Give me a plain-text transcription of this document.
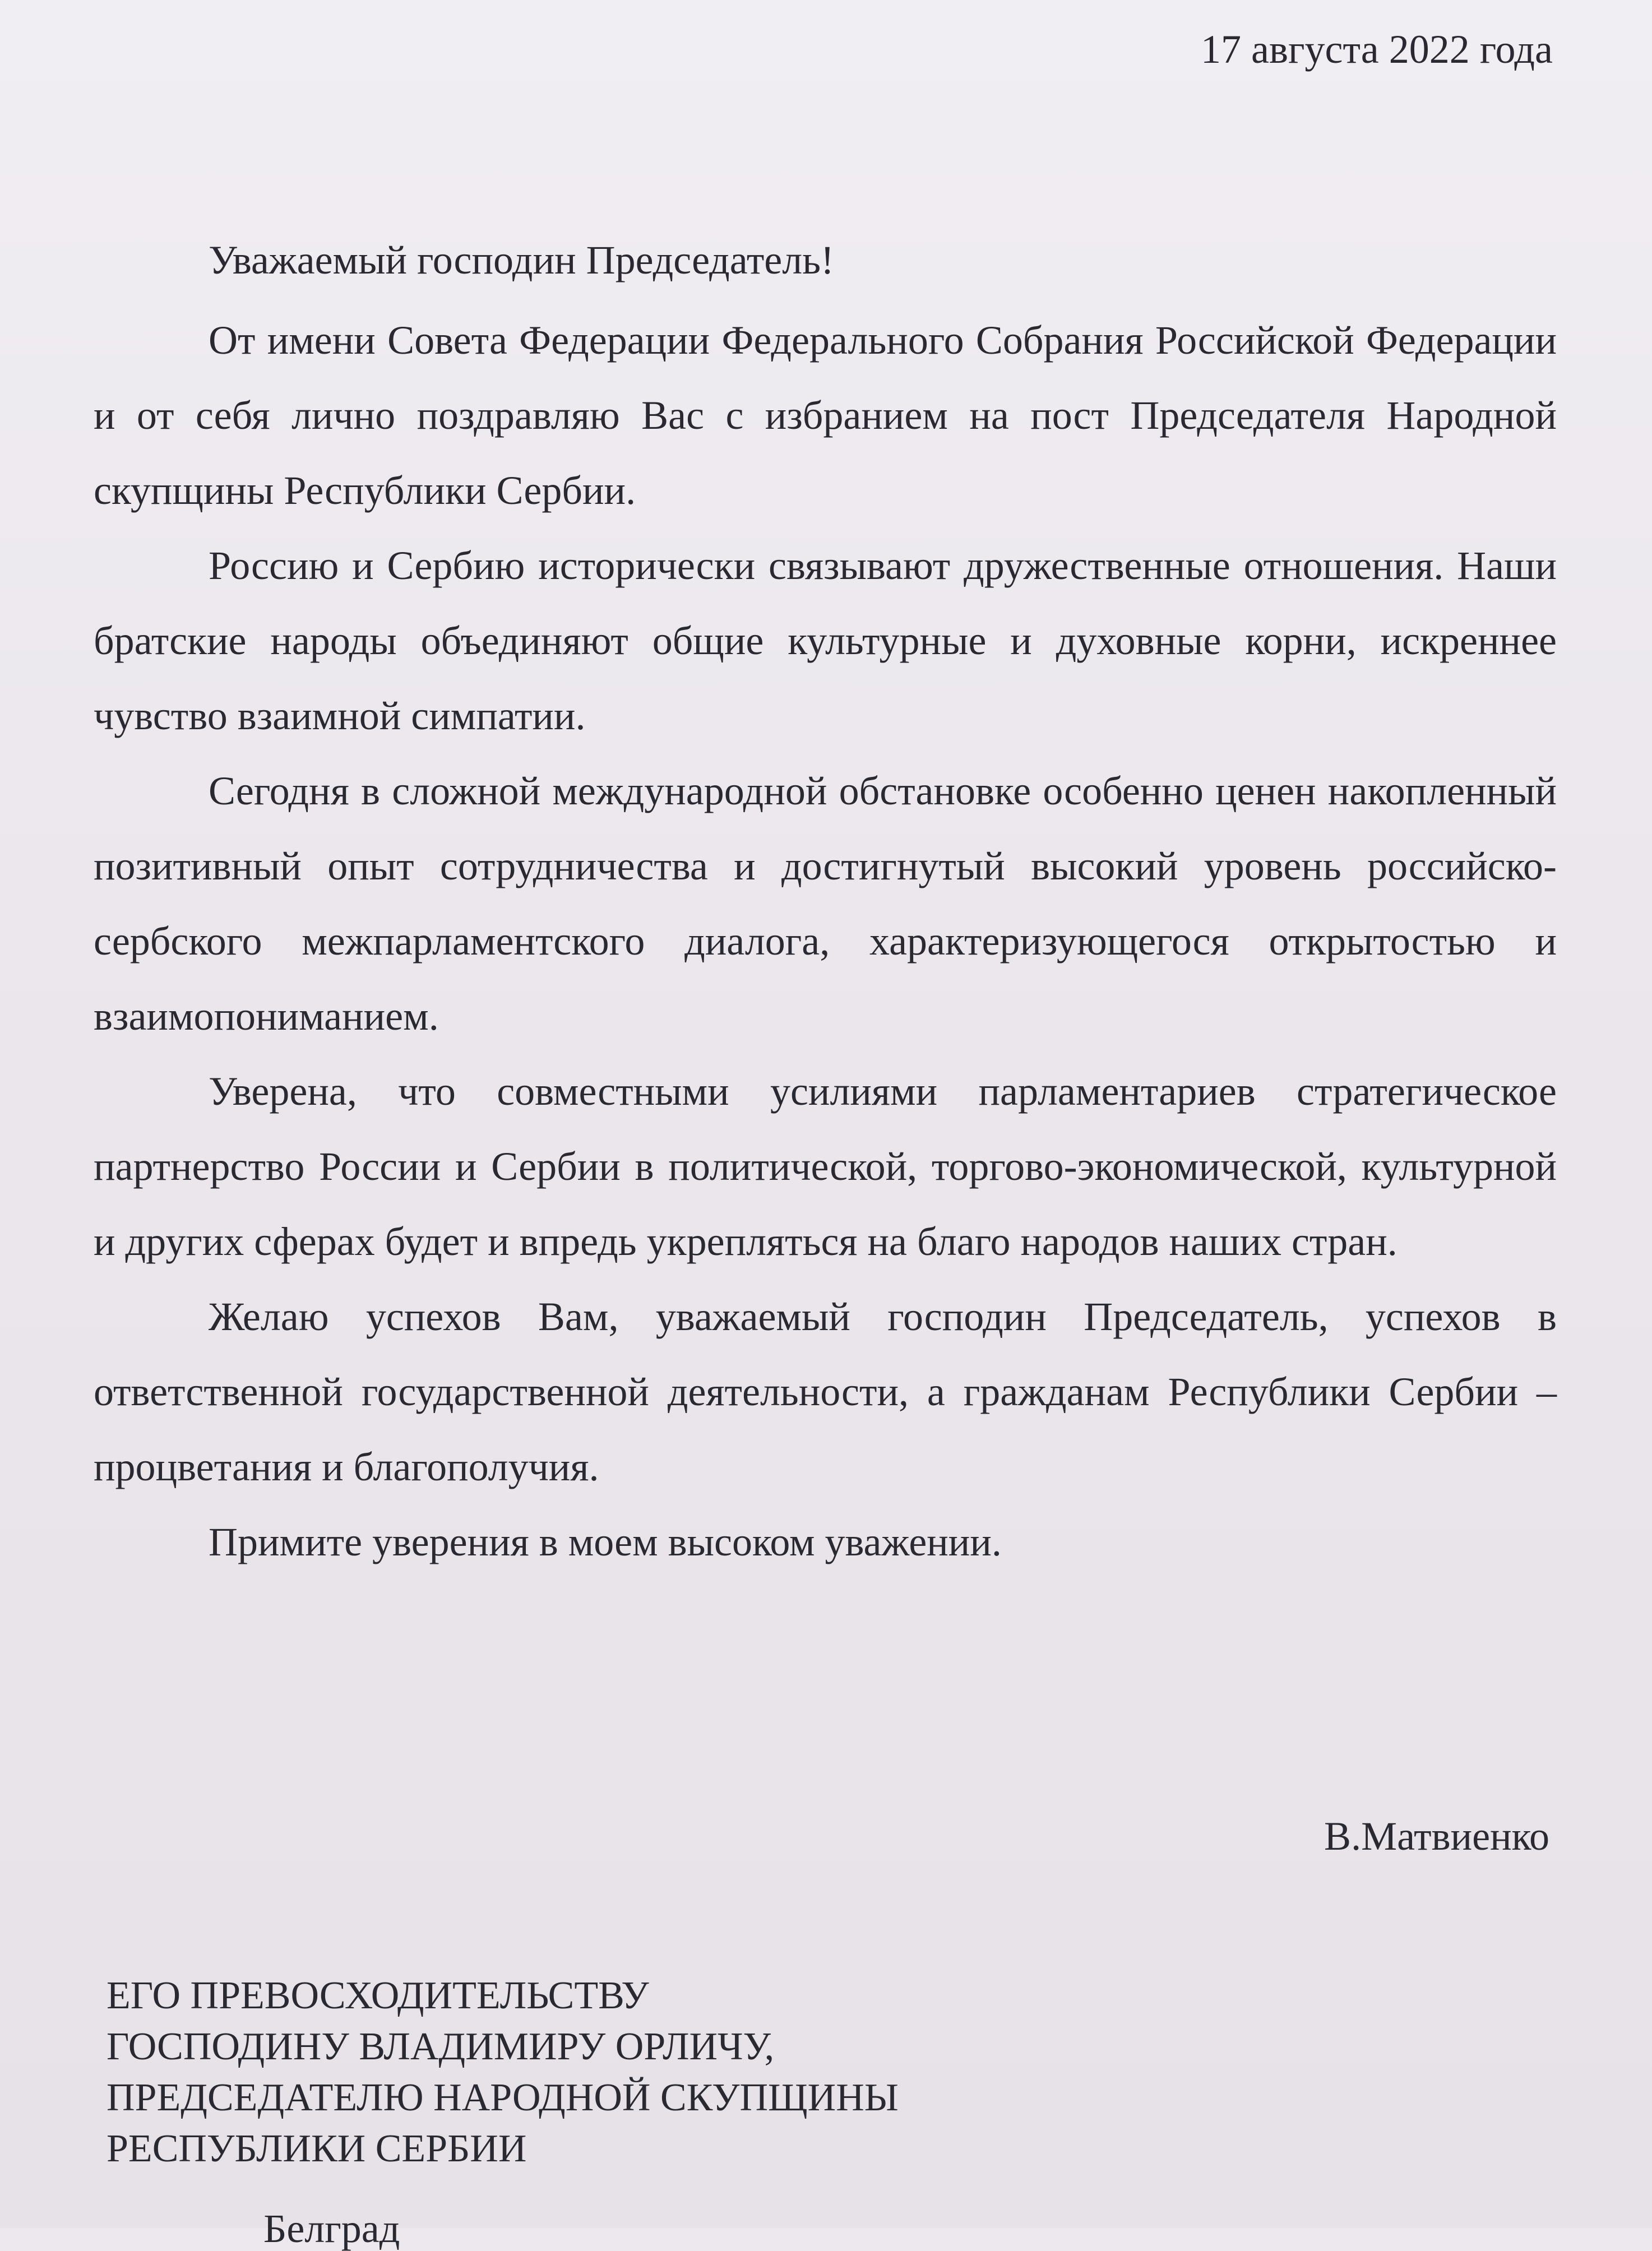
17 августа 2022 года
Уважаемый господин Председатель!

От имени Совета Федерации Федерального Собрания Российской Федерации и от себя лично поздравляю Вас с избранием на пост Председателя Народной скупщины Республики Сербии.

Россию и Сербию исторически связывают дружественные отношения. Наши братские народы объединяют общие культурные и духовные корни, искреннее чувство взаимной симпатии.

Сегодня в сложной международной обстановке особенно ценен накопленный позитивный опыт сотрудничества и достигнутый высокий уровень российско-сербского межпарламентского диалога, характеризующегося открытостью и взаимопониманием.

Уверена, что совместными усилиями парламентариев стратегическое партнерство России и Сербии в политической, торгово-экономической, культурной и других сферах будет и впредь укрепляться на благо народов наших стран.

Желаю успехов Вам, уважаемый господин Председатель, успехов в ответственной государственной деятельности, а гражданам Республики Сербии – процветания и благополучия.

Примите уверения в моем высоком уважении.

В.Матвиенко
ЕГО ПРЕВОСХОДИТЕЛЬСТВУ
ГОСПОДИНУ ВЛАДИМИРУ ОРЛИЧУ,
ПРЕДСЕДАТЕЛЮ НАРОДНОЙ СКУПЩИНЫ
РЕСПУБЛИКИ СЕРБИИ
Белград
